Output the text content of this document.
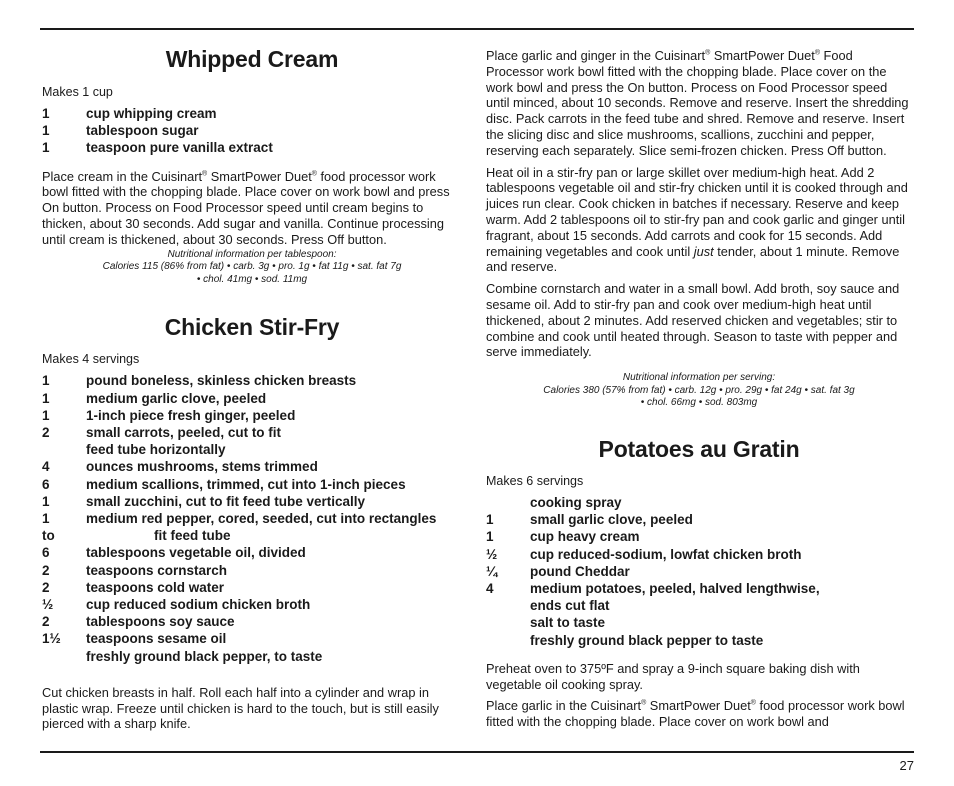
Whipped Cream

Makes 1 cup

1	cup whipping cream
1	tablespoon sugar
1	teaspoon pure vanilla extract

Place cream in the Cuisinart® SmartPower Duet® food processor work bowl fitted with the chopping blade. Place cover on work bowl and press On button. Process on Food Processor speed until cream begins to thicken, about 30 seconds. Add sugar and vanilla. Continue processing until cream is thickened, about 30 seconds. Press Off button.

Nutritional information per tablespoon:

Calories 115 (86% from fat) • carb. 3g • pro. 1g • fat 11g • sat. fat 7g

• chol. 41mg • sod. 11mg

Chicken Stir-Fry

Makes 4 servings

1	pound boneless, skinless chicken breasts
1	medium garlic clove, peeled
1	1-inch piece fresh ginger, peeled
2	small carrots, peeled, cut to fit
feed tube horizontally
4	ounces mushrooms, stems trimmed
6	medium scallions, trimmed, cut into 1-inch pieces
1	small zucchini, cut to fit feed tube vertically
1	medium red pepper, cored, seeded, cut into rectangles
to	fit feed tube
6	tablespoons vegetable oil, divided
2	teaspoons cornstarch
2	teaspoons cold water
½	cup reduced sodium chicken broth
2	tablespoons soy sauce
1½	teaspoons sesame oil
freshly ground black pepper, to taste

Cut chicken breasts in half. Roll each half into a cylinder and wrap in plastic wrap. Freeze until chicken is hard to the touch, but is still easily pierced with a sharp knife.

Place garlic and ginger in the Cuisinart® SmartPower Duet® Food Processor work bowl fitted with the chopping blade. Place cover on the work bowl and press the On button. Process on Food Processor speed until minced, about 10 seconds. Remove and reserve. Insert the shredding disc. Pack carrots in the feed tube and shred. Remove and reserve. Insert the slicing disc and slice mushrooms, scallions, zucchini and pepper, reserving each separately. Slice semi-frozen chicken. Press Off button.

Heat oil in a stir-fry pan or large skillet over medium-high heat. Add 2 tablespoons vegetable oil and stir-fry chicken until it is cooked through and juices run clear. Cook chicken in batches if necessary. Reserve and keep warm. Add 2 tablespoons oil to stir-fry pan and cook garlic and ginger until fragrant, about 15 seconds. Add carrots and cook for 15 seconds. Add remaining vegetables and cook until just tender, about 1 minute. Remove and reserve.

Combine cornstarch and water in a small bowl. Add broth, soy sauce and sesame oil. Add to stir-fry pan and cook over medium-high heat until thickened, about 2 minutes. Add reserved chicken and vegetables; stir to combine and cook until heated through. Season to taste with pepper and serve immediately.

Nutritional information per serving:

Calories 380 (57% from fat) • carb. 12g • pro. 29g • fat 24g • sat. fat 3g

• chol. 66mg • sod. 803mg

Potatoes au Gratin

Makes 6 servings

cooking spray
1	small garlic clove, peeled
1	cup heavy cream
½	cup reduced-sodium, lowfat chicken broth
¼	pound Cheddar
4	medium potatoes, peeled, halved lengthwise,
ends cut flat
salt to taste
freshly ground black pepper to taste

Preheat oven to 375ºF and spray a 9-inch square baking dish with vegetable oil cooking spray.

Place garlic in the Cuisinart® SmartPower Duet® food processor work bowl fitted with the chopping blade. Place cover on work bowl and

27
